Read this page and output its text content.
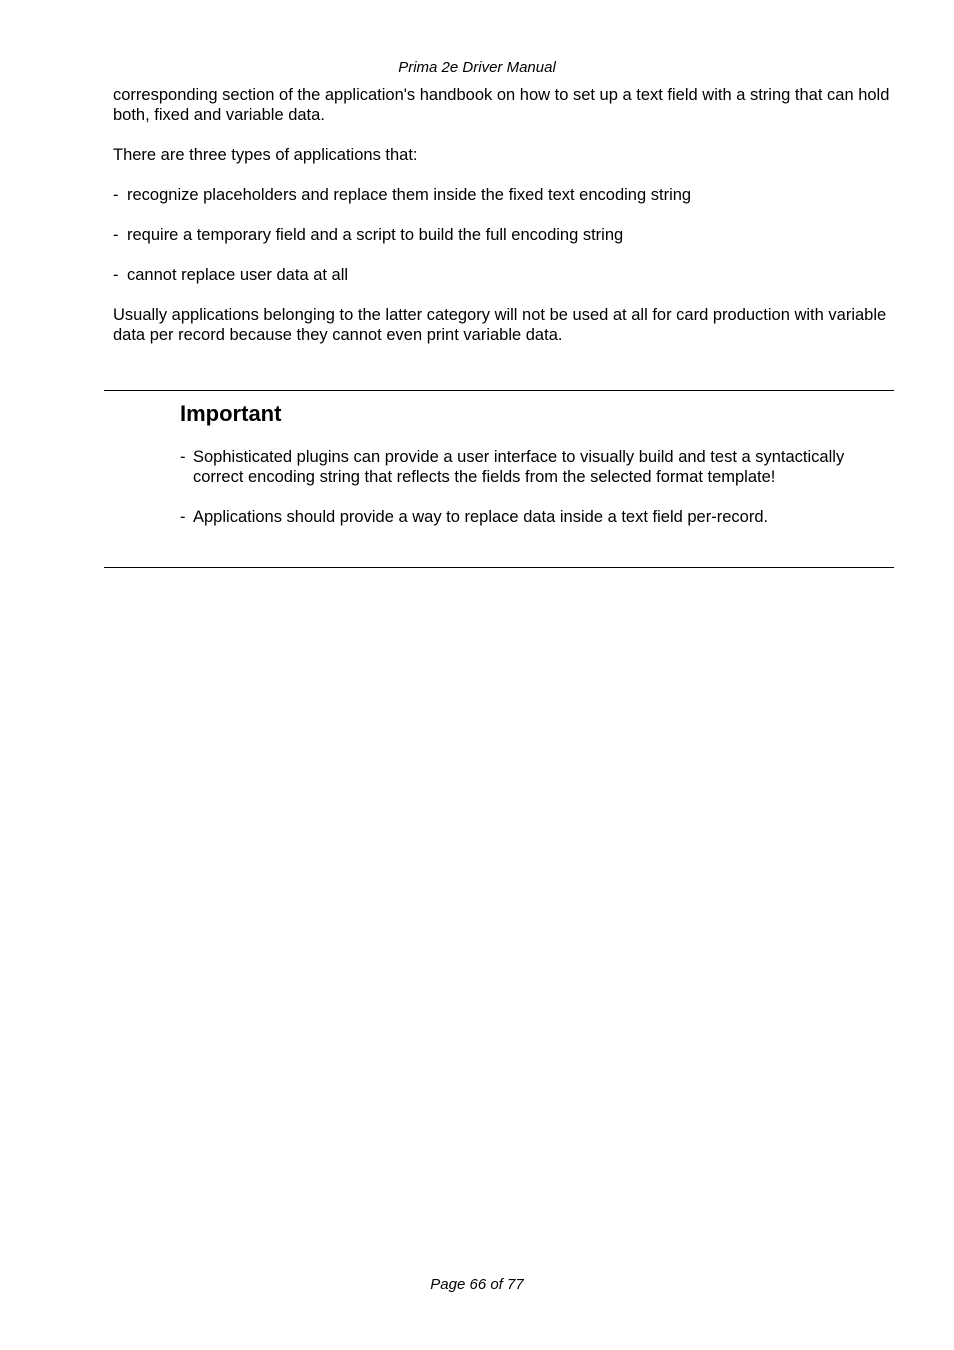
Prima 2e Driver Manual

corresponding section of the application's handbook on how to set up a text field with a string that can hold both, fixed and variable data.

There are three types of applications that:

- recognize placeholders and replace them inside the fixed text encoding string
- require a temporary field and a script to build the full encoding string
- cannot replace user data at all

Usually applications belonging to the latter category will not be used at all for card production with variable data per record because they cannot even print variable data.

Important
- Sophisticated plugins can provide a user interface to visually build and test a syntactically correct encoding string that reflects the fields from the selected format template!
- Applications should provide a way to replace data inside a text field per-record.
Page 66 of 77
